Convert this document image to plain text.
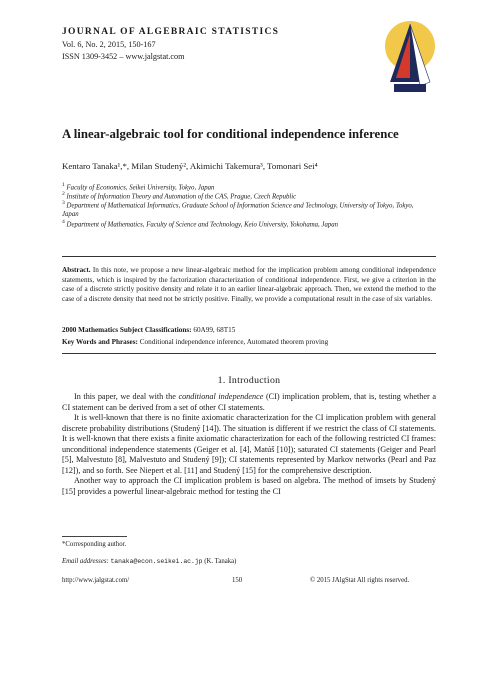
JOURNAL OF ALGEBRAIC STATISTICS
Vol. 6, No. 2, 2015, 150-167
ISSN 1309-3452 – www.jalgstat.com
A linear-algebraic tool for conditional independence inference
Kentaro Tanaka¹,*, Milan Studený², Akimichi Takemura³, Tomonari Sei⁴
$^1$ Faculty of Economics, Seikei University, Tokyo, Japan
$^2$ Institute of Information Theory and Automation of the CAS, Prague, Czech Republic
$^3$ Department of Mathematical Informatics, Graduate School of Information Science and Technology, University of Tokyo, Tokyo, Japan
$^4$ Department of Mathematics, Faculty of Science and Technology, Keio University, Yokohama, Japan
Abstract. In this note, we propose a new linear-algebraic method for the implication problem among conditional independence statements, which is inspired by the factorization characterization of conditional independence. First, we give a criterion in the case of a discrete strictly positive density and relate it to an earlier linear-algebraic approach. Then, we extend the method to the case of a discrete density that need not be strictly positive. Finally, we provide a computational result in the case of six variables.
2000 Mathematics Subject Classifications: 60A99, 68T15
Key Words and Phrases: Conditional independence inference, Automated theorem proving
1. Introduction

In this paper, we deal with the conditional independence (CI) implication problem, that is, testing whether a CI statement can be derived from a set of other CI statements.

It is well-known that there is no finite axiomatic characterization for the CI implication problem with general discrete probability distributions (Studený [14]). The situation is different if we restrict the class of CI statements. It is well-known that there exists a finite axiomatic characterization for each of the following restricted CI frames: unconditional independence statements (Geiger et al. [4], Matúš [10]); saturated CI statements (Geiger and Pearl [5], Malvestuto [8], Malvestuto and Studený [9]); CI statements represented by Markov networks (Pearl and Paz [12]), and so forth. See Niepert et al. [11] and Studený [15] for the comprehensive description.

Another way to approach the CI implication problem is based on algebra. The method of imsets by Studený [15] provides a powerful linear-algebraic method for testing the CI

*Corresponding author.
Email addresses: tanaka@econ.seikei.ac.jp (K. Tanaka)
http://www.jalgstat.com/	150	© 2015 JAlgStat All rights reserved.
